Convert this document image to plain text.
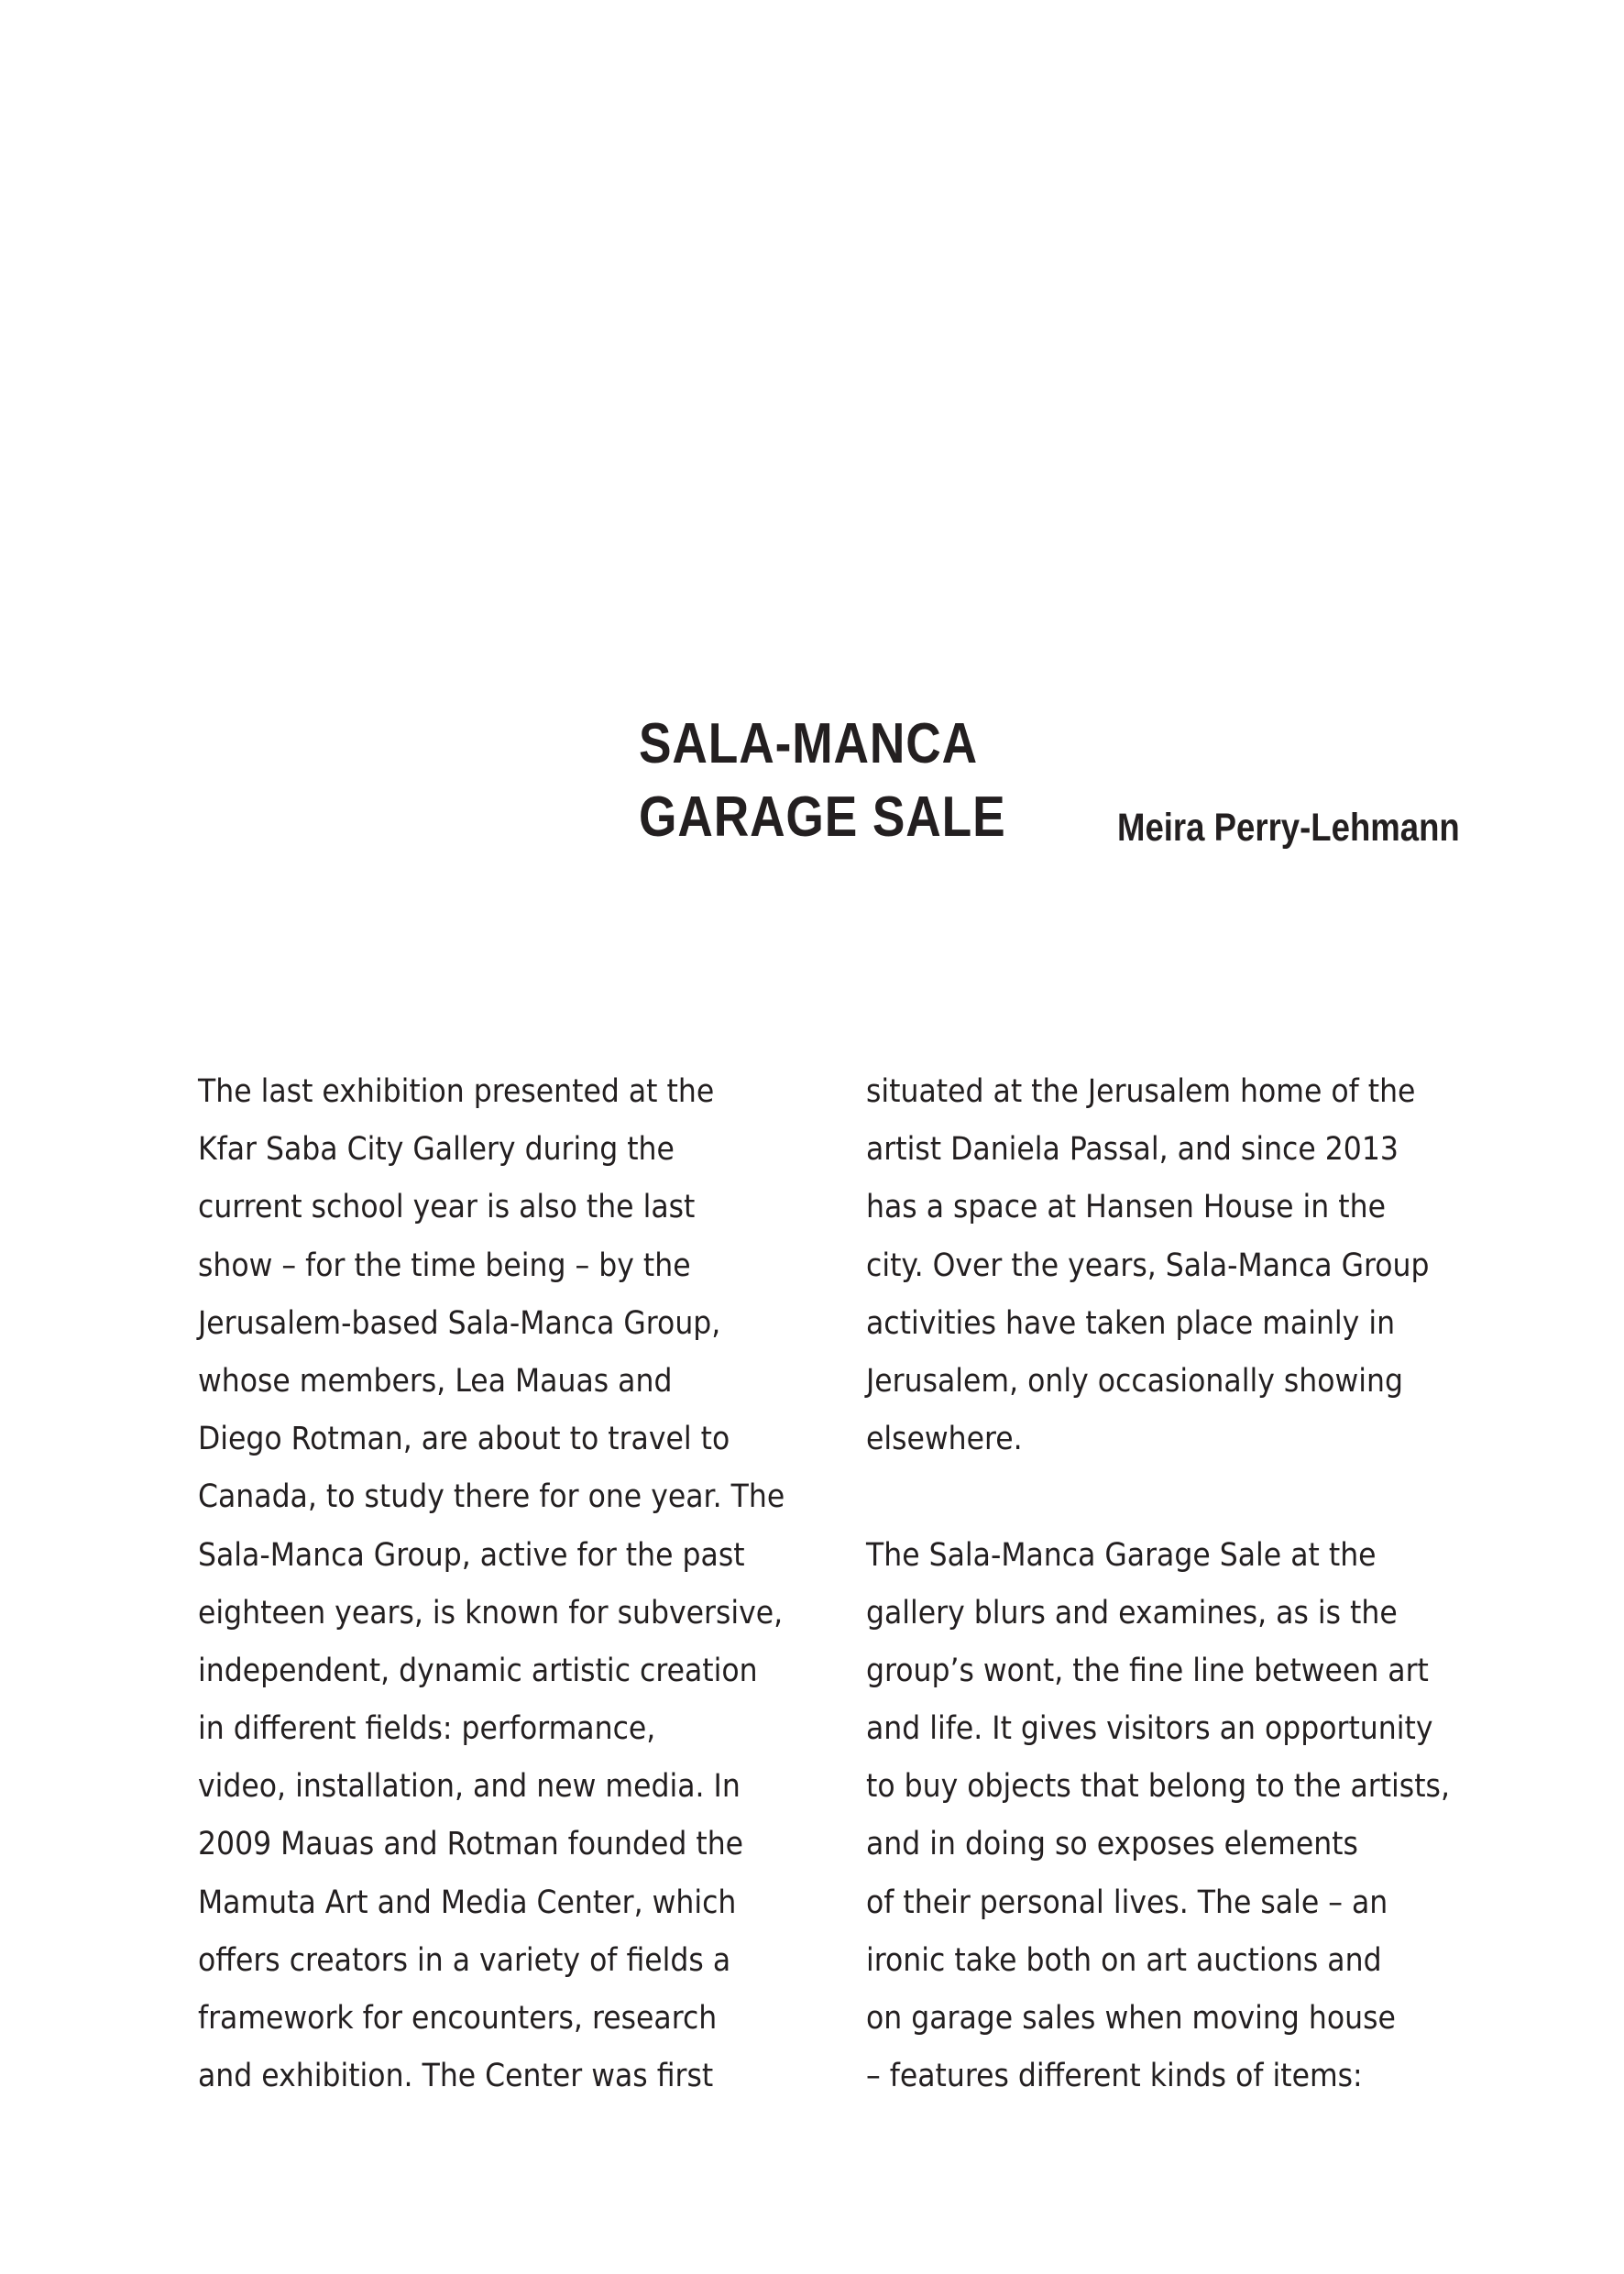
SALA-MANCA
GARAGE SALE	Meira Perry-Lehmann
The last exhibition presented at the
Kfar Saba City Gallery during the
current school year is also the last
show – for the time being – by the
Jerusalem-based Sala-Manca Group,
whose members, Lea Mauas and
Diego Rotman, are about to travel to
Canada, to study there for one year. The
Sala-Manca Group, active for the past
eighteen years, is known for subversive,
independent, dynamic artistic creation
in different fields: performance,
video, installation, and new media. In
2009 Mauas and Rotman founded the
Mamuta Art and Media Center, which
offers creators in a variety of fields a
framework for encounters, research
and exhibition. The Center was first
situated at the Jerusalem home of the
artist Daniela Passal, and since 2013
has a space at Hansen House in the
city. Over the years, Sala-Manca Group
activities have taken place mainly in
Jerusalem, only occasionally showing
elsewhere.
The Sala-Manca Garage Sale at the
gallery blurs and examines, as is the
group’s wont, the fine line between art
and life. It gives visitors an opportunity
to buy objects that belong to the artists,
and in doing so exposes elements
of their personal lives. The sale – an
ironic take both on art auctions and
on garage sales when moving house
– features different kinds of items:
